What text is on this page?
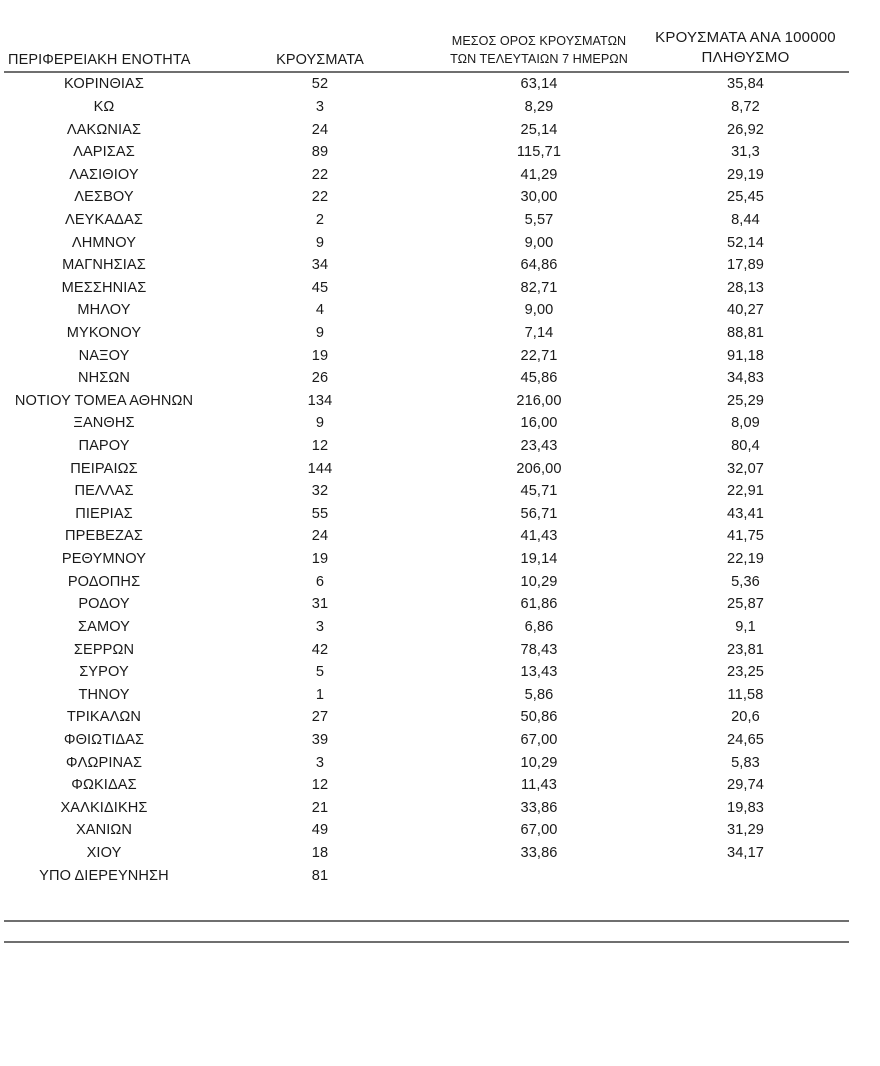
ΠΕΡΙΦΕΡΕΙΑΚΗ ΕΝΟΤΗΤΑ	ΚΡΟΥΣΜΑΤΑ	ΜΕΣΟΣ ΟΡΟΣ ΚΡΟΥΣΜΑΤΩΝ
ΤΩΝ ΤΕΛΕΥΤΑΙΩΝ 7 ΗΜΕΡΩΝ	ΚΡΟΥΣΜΑΤΑ ΑΝΑ 100000
ΠΛΗΘΥΣΜΟ

ΚΟΡΙΝΘΙΑΣ	52	63,14	35,84
ΚΩ	3	8,29	8,72
ΛΑΚΩΝΙΑΣ	24	25,14	26,92
ΛΑΡΙΣΑΣ	89	115,71	31,3
ΛΑΣΙΘΙΟΥ	22	41,29	29,19
ΛΕΣΒΟΥ	22	30,00	25,45
ΛΕΥΚΑΔΑΣ	2	5,57	8,44
ΛΗΜΝΟΥ	9	9,00	52,14
ΜΑΓΝΗΣΙΑΣ	34	64,86	17,89
ΜΕΣΣΗΝΙΑΣ	45	82,71	28,13
ΜΗΛΟΥ	4	9,00	40,27
ΜΥΚΟΝΟΥ	9	7,14	88,81
ΝΑΞΟΥ	19	22,71	91,18
ΝΗΣΩΝ	26	45,86	34,83
ΝΟΤΙΟΥ ΤΟΜΕΑ ΑΘΗΝΩΝ	134	216,00	25,29
ΞΑΝΘΗΣ	9	16,00	8,09
ΠΑΡΟΥ	12	23,43	80,4
ΠΕΙΡΑΙΩΣ	144	206,00	32,07
ΠΕΛΛΑΣ	32	45,71	22,91
ΠΙΕΡΙΑΣ	55	56,71	43,41
ΠΡΕΒΕΖΑΣ	24	41,43	41,75
ΡΕΘΥΜΝΟΥ	19	19,14	22,19
ΡΟΔΟΠΗΣ	6	10,29	5,36
ΡΟΔΟΥ	31	61,86	25,87
ΣΑΜΟΥ	3	6,86	9,1
ΣΕΡΡΩΝ	42	78,43	23,81
ΣΥΡΟΥ	5	13,43	23,25
ΤΗΝΟΥ	1	5,86	11,58
ΤΡΙΚΑΛΩΝ	27	50,86	20,6
ΦΘΙΩΤΙΔΑΣ	39	67,00	24,65
ΦΛΩΡΙΝΑΣ	3	10,29	5,83
ΦΩΚΙΔΑΣ	12	11,43	29,74
ΧΑΛΚΙΔΙΚΗΣ	21	33,86	19,83
ΧΑΝΙΩΝ	49	67,00	31,29
ΧΙΟΥ	18	33,86	34,17
ΥΠΟ ΔΙΕΡΕΥΝΗΣΗ	81		
